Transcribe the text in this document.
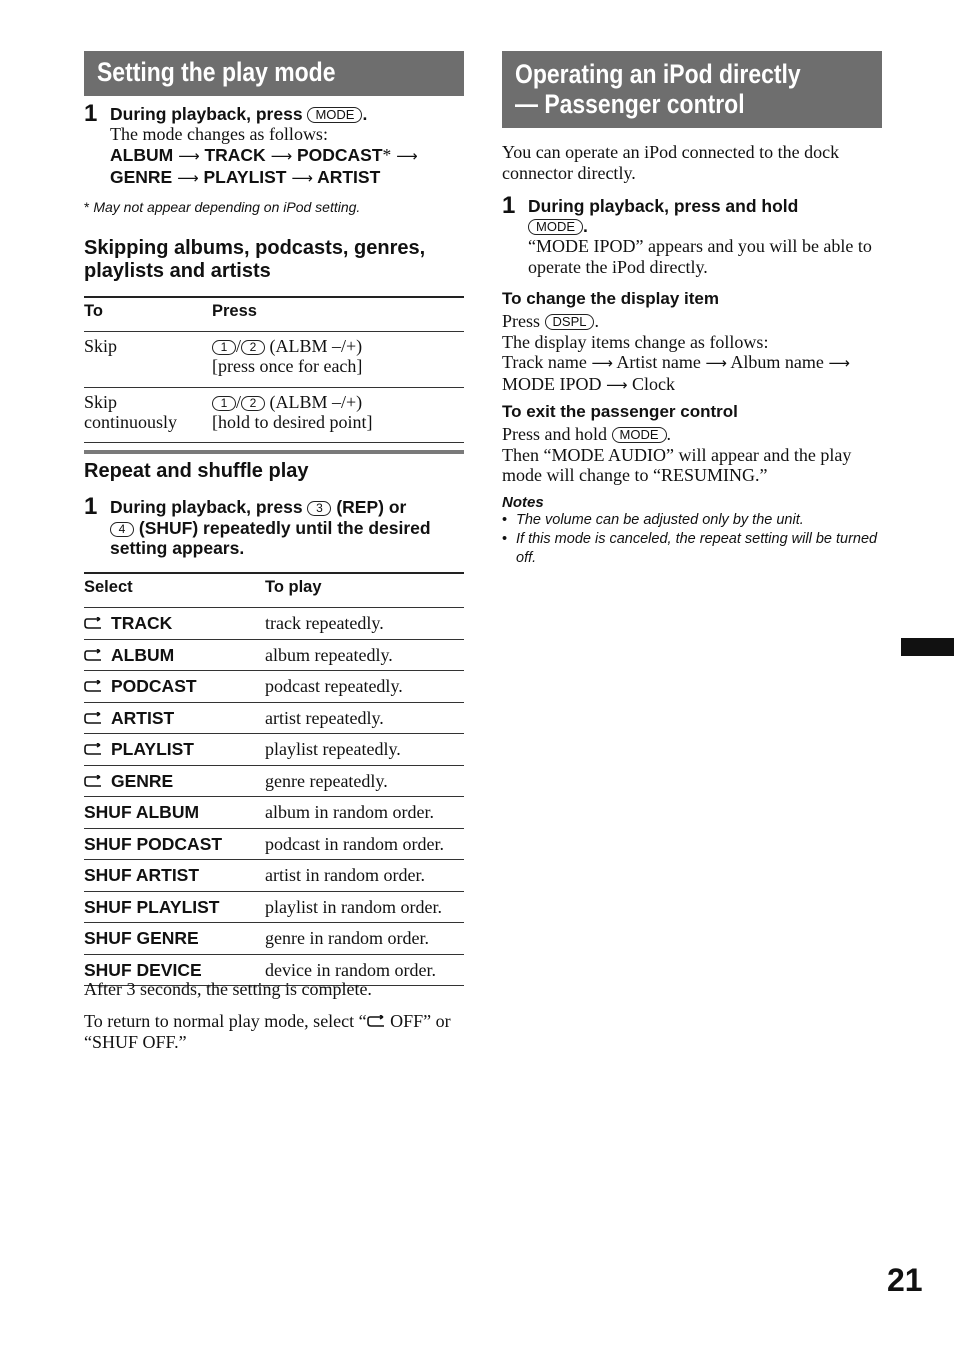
Setting the play mode
1 During playback, press MODE .
The mode changes as follows:
ALBUM ⟶ TRACK ⟶ PODCAST* ⟶
GENRE ⟶ PLAYLIST ⟶ ARTIST
* May not appear depending on iPod setting.
Skipping albums, podcasts, genres, playlists and artists
To	Press
Skip	1 / 2 (ALBM –/+)
[press once for each]
Skip continuously	1 / 2 (ALBM –/+)
[hold to desired point]
Repeat and shuffle play
1 During playback, press 3 (REP) or
4 (SHUF) repeatedly until the desired setting appears.
Select	To play
TRACK	track repeatedly.
ALBUM	album repeatedly.
PODCAST	podcast repeatedly.
ARTIST	artist repeatedly.
PLAYLIST	playlist repeatedly.
GENRE	genre repeatedly.
SHUF ALBUM	album in random order.
SHUF PODCAST	podcast in random order.
SHUF ARTIST	artist in random order.
SHUF PLAYLIST	playlist in random order.
SHUF GENRE	genre in random order.
SHUF DEVICE	device in random order.
After 3 seconds, the setting is complete.
To return to normal play mode, select “ OFF” or “SHUF OFF.”
Operating an iPod directly
— Passenger control
You can operate an iPod connected to the dock connector directly.
1 During playback, press and hold
MODE .
“MODE IPOD” appears and you will be able to operate the iPod directly.
To change the display item
Press DSPL .
The display items change as follows:
Track name ⟶ Artist name ⟶ Album name ⟶
MODE IPOD ⟶ Clock
To exit the passenger control
Press and hold MODE .
Then “MODE AUDIO” will appear and the play mode will change to “RESUMING.”
Notes
• The volume can be adjusted only by the unit.
• If this mode is canceled, the repeat setting will be turned off.
21
